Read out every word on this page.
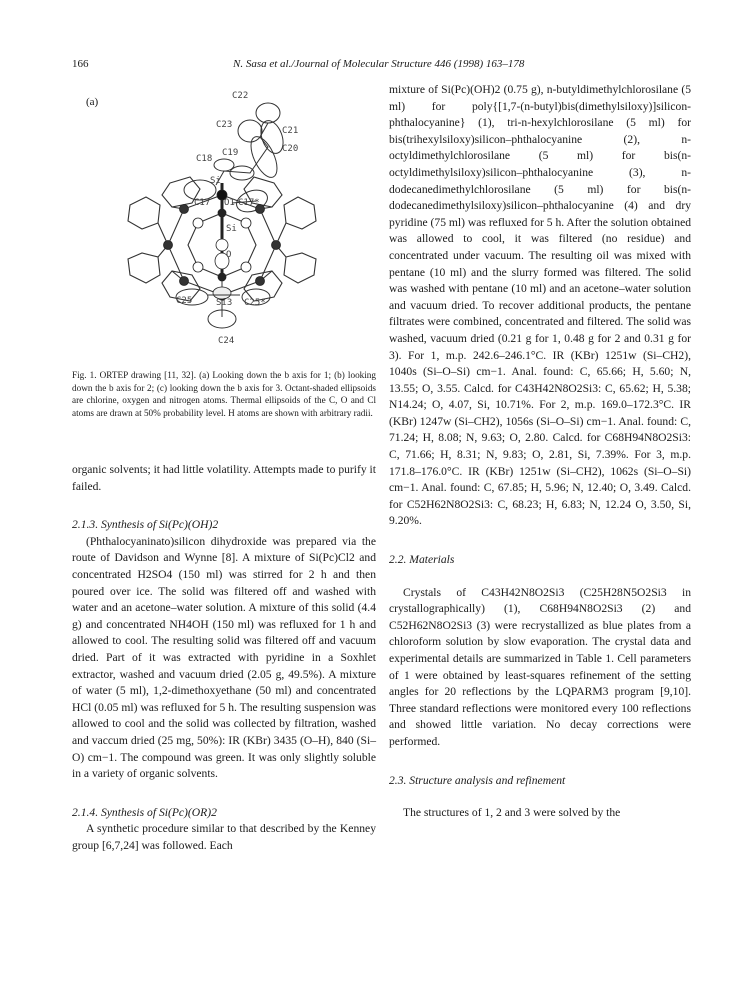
166	N. Sasa et al./Journal of Molecular Structure 446 (1998) 163–178
(a)	C22
C23
C21
C20
C18
C19
Si
C17 O1 C17*
Si
O
C25	Si3 C25*
C24
Fig. 1. ORTEP drawing [11, 32]. (a) Looking down the b axis for 1; (b) looking down the b axis for 2; (c) looking down the b axis for 3. Octant-shaded ellipsoids are chlorine, oxygen and nitrogen atoms. Thermal ellipsoids of the C, O and Cl atoms are drawn at 50% probability level. H atoms are shown with arbitrary radii.

organic solvents; it had little volatility. Attempts made to purify it failed.

2.1.3. Synthesis of Si(Pc)(OH)2

(Phthalocyaninato)silicon dihydroxide was prepared via the route of Davidson and Wynne [8]. A mixture of Si(Pc)Cl2 and concentrated H2SO4 (150 ml) was stirred for 2 h and then poured over ice. The solid was filtered off and washed with water and an acetone–water solution. A mixture of this solid (4.4 g) and concentrated NH4OH (150 ml) was refluxed for 1 h and allowed to cool. The resulting solid was filtered off and vacuum dried. Part of it was extracted with pyridine in a Soxhlet extractor, washed and vacuum dried (2.05 g, 49.5%). A mixture of water (5 ml), 1,2-dimethoxyethane (50 ml) and concentrated HCl (0.05 ml) was refluxed for 5 h. The resulting suspension was allowed to cool and the solid was collected by filtration, washed and vaccum dried (25 mg, 50%): IR (KBr) 3435 (O–H), 840 (Si–O) cm−1. The compound was green. It was only slightly soluble in a variety of organic solvents.

2.1.4. Synthesis of Si(Pc)(OR)2

A synthetic procedure similar to that described by the Kenney group [6,7,24] was followed. Each

mixture of Si(Pc)(OH)2 (0.75 g), n-butyldimethylchlorosilane (5 ml) for poly{[1,7-(n-butyl)bis(dimethylsiloxy)]silicon-phthalocyanine} (1), tri-n-hexylchlorosilane (5 ml) for bis(trihexylsiloxy)silicon–phthalocyanine (2), n-octyldimethylchlorosilane (5 ml) for bis(n-octyldimethylsiloxy)silicon–phthalocyanine (3), n-dodecanedimethylchlorosilane (5 ml) for bis(n-dodecanedimethylsiloxy)silicon–phthalocyanine (4) and dry pyridine (75 ml) was refluxed for 5 h. After the solution obtained was allowed to cool, it was filtered (no residue) and concentrated under vacuum. The resulting oil was mixed with pentane (10 ml) and the slurry formed was filtered. The solid was washed with pentane (10 ml) and an acetone–water solution and vacuum dried. To recover additional products, the pentane filtrates were combined, concentrated and filtered. The solid was washed, vacuum dried (0.21 g for 1, 0.48 g for 2 and 0.31 g for 3). For 1, m.p. 242.6–246.1°C. IR (KBr) 1251w (Si–CH2), 1040s (Si–O–Si) cm−1. Anal. found: C, 65.66; H, 5.60; N, 13.55; O, 3.55. Calcd. for C43H42N8O2Si3: C, 65.62; H, 5.38; N14.24; O, 4.07, Si, 10.71%. For 2, m.p. 169.0–172.3°C. IR (KBr) 1247w (Si–CH2), 1056s (Si–O–Si) cm−1. Anal. found: C, 71.24; H, 8.08; N, 9.63; O, 2.80. Calcd. for C68H94N8O2Si3: C, 71.66; H, 8.31; N, 9.83; O, 2.81, Si, 7.39%. For 3, m.p. 171.8–176.0°C. IR (KBr) 1251w (Si–CH2), 1062s (Si–O–Si) cm−1. Anal. found: C, 67.85; H, 5.96; N, 12.40; O, 3.49. Calcd. for C52H62N8O2Si3: C, 68.23; H, 6.83; N, 12.24 O, 3.50, Si, 9.20%.

2.2. Materials

Crystals of C43H42N8O2Si3 (C25H28N5O2Si3 in crystallographically) (1), C68H94N8O2Si3 (2) and C52H62N8O2Si3 (3) were recrystallized as blue plates from a chloroform solution by slow evaporation. The crystal data and experimental details are summarized in Table 1. Cell parameters of 1 were obtained by least-squares refinement of the setting angles for 20 reflections by the LQPARM3 program [9,10]. Three standard reflections were monitored every 100 reflections and showed little variation. No decay corrections were performed.

2.3. Structure analysis and refinement

The structures of 1, 2 and 3 were solved by the
